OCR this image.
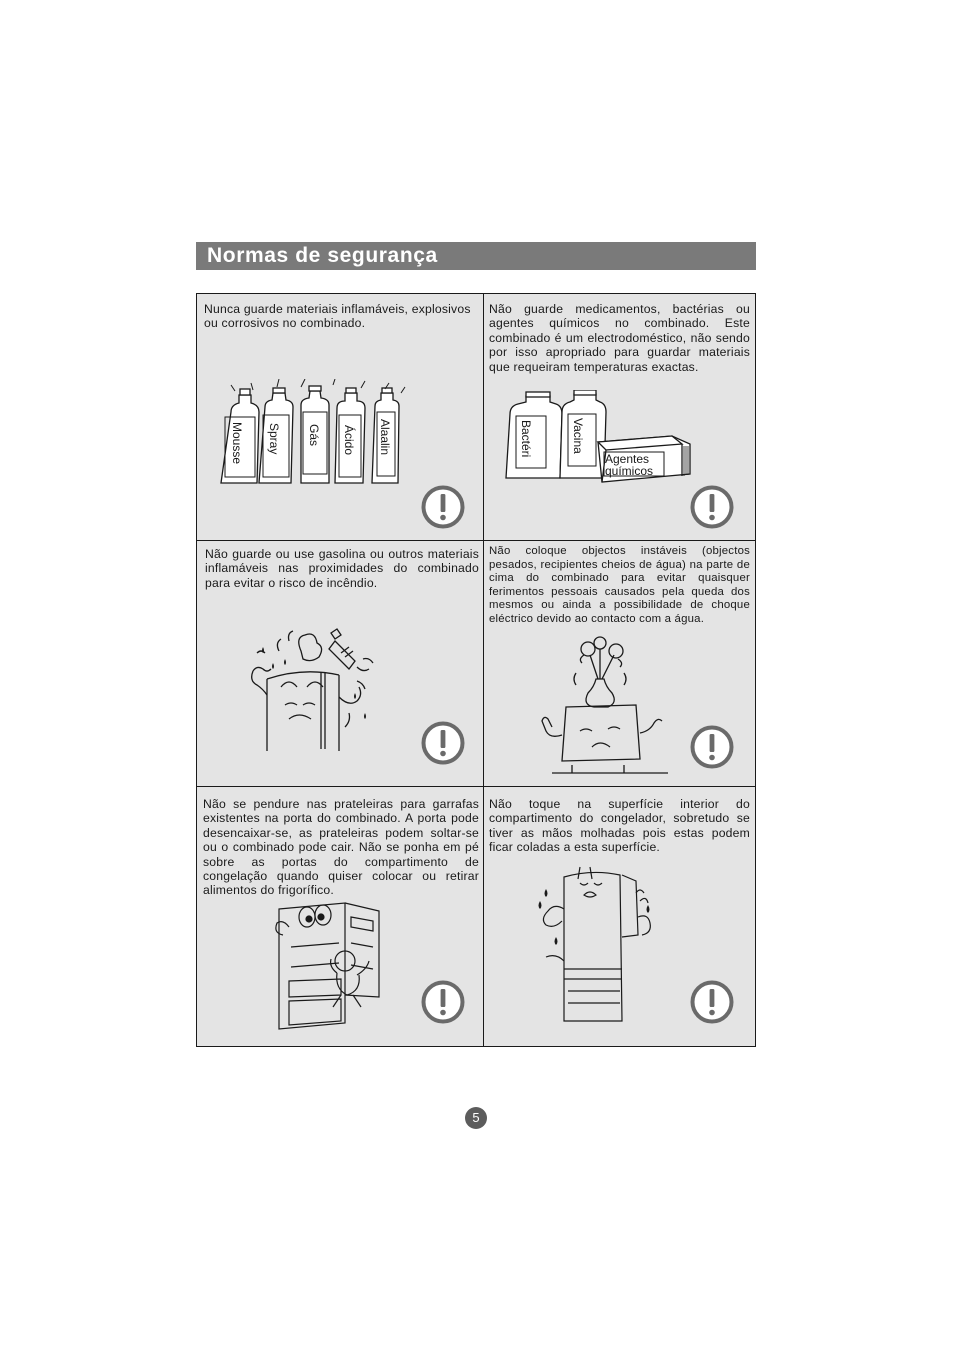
Normas de segurança
Nunca guarde materiais inflamáveis, explosivos ou corrosivos no combinado.
Mousse Spray Gás Ácido Alaalin
Não guarde medicamentos, bactérias ou agentes químicos no combinado. Este combinado é um electrodoméstico, não sendo por isso apropriado para guardar materiais que requeiram temperaturas exactas.
Bactéri	Vacina
Agentes
químicos
Não guarde ou use gasolina ou outros materiais inflamáveis nas proximidades do combinado para evitar o risco de incêndio.
Não coloque objectos instáveis (objectos pesados, recipientes cheios de água) na parte de cima do combinado para evitar quaisquer ferimentos pessoais causados pela queda dos mesmos ou ainda a possibilidade de choque eléctrico devido ao contacto com a água.
Não se pendure nas prateleiras para garrafas existentes na porta do combinado. A porta pode desencaixar-se, as prateleiras podem soltar-se ou o combinado pode cair. Não se ponha em pé sobre as portas do compartimento de congelação quando quiser colocar ou retirar alimentos do frigorífico.
Não toque na superfície interior do compartimento do congelador, sobretudo se tiver as mãos molhadas pois estas podem ficar coladas a esta superfície.
5
